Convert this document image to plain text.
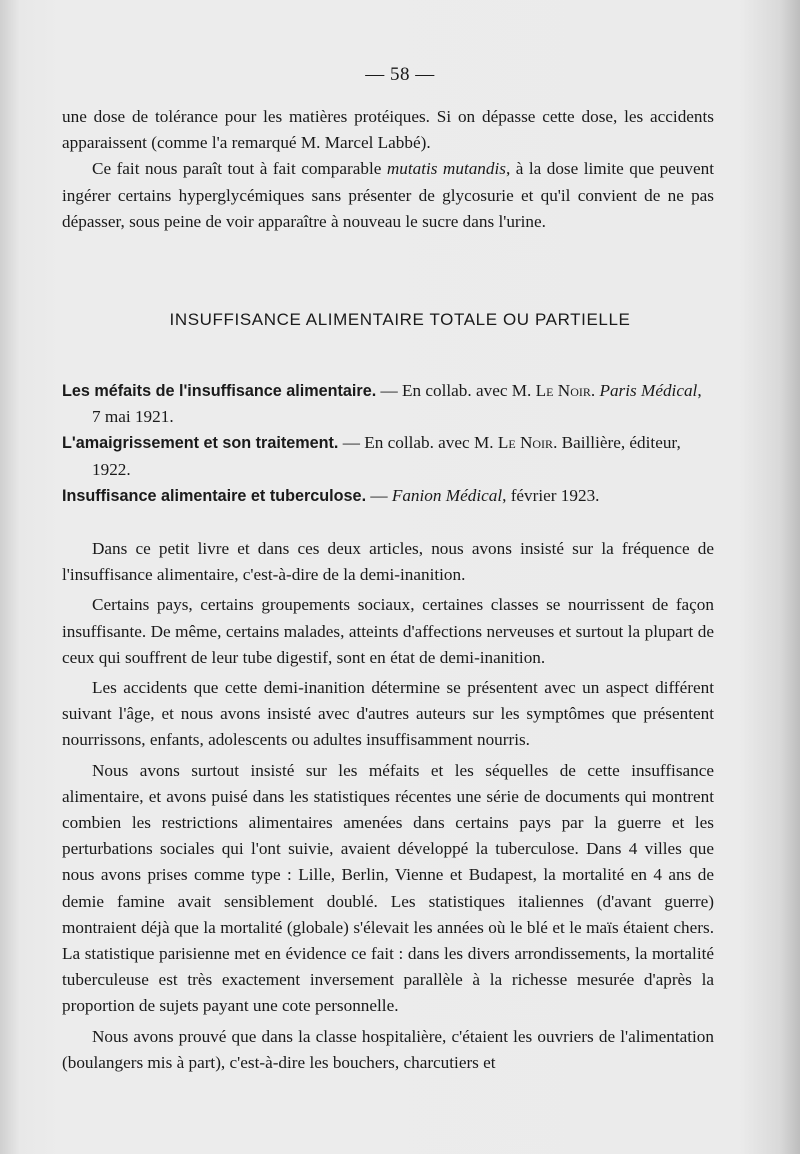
— 58 —

une dose de tolérance pour les matières protéiques. Si on dépasse cette dose, les accidents apparaissent (comme l'a remarqué M. Marcel Labbé).

Ce fait nous paraît tout à fait comparable mutatis mutandis, à la dose limite que peuvent ingérer certains hyperglycémiques sans présenter de glycosurie et qu'il convient de ne pas dépasser, sous peine de voir apparaître à nouveau le sucre dans l'urine.

INSUFFISANCE ALIMENTAIRE TOTALE OU PARTIELLE

Les méfaits de l'insuffisance alimentaire. — En collab. avec M. Le Noir. Paris Médical, 7 mai 1921.

L'amaigrissement et son traitement. — En collab. avec M. Le Noir. Baillière, éditeur, 1922.

Insuffisance alimentaire et tuberculose. — Fanion Médical, février 1923.

Dans ce petit livre et dans ces deux articles, nous avons insisté sur la fréquence de l'insuffisance alimentaire, c'est-à-dire de la demi-inanition.

Certains pays, certains groupements sociaux, certaines classes se nourrissent de façon insuffisante. De même, certains malades, atteints d'affections nerveuses et surtout la plupart de ceux qui souffrent de leur tube digestif, sont en état de demi-inanition.

Les accidents que cette demi-inanition détermine se présentent avec un aspect différent suivant l'âge, et nous avons insisté avec d'autres auteurs sur les symptômes que présentent nourrissons, enfants, adolescents ou adultes insuffisamment nourris.

Nous avons surtout insisté sur les méfaits et les séquelles de cette insuffisance alimentaire, et avons puisé dans les statistiques récentes une série de documents qui montrent combien les restrictions alimentaires amenées dans certains pays par la guerre et les perturbations sociales qui l'ont suivie, avaient développé la tuberculose. Dans 4 villes que nous avons prises comme type : Lille, Berlin, Vienne et Budapest, la mortalité en 4 ans de demie famine avait sensiblement doublé. Les statistiques italiennes (d'avant guerre) montraient déjà que la mortalité (globale) s'élevait les années où le blé et le maïs étaient chers. La statistique parisienne met en évidence ce fait : dans les divers arrondissements, la mortalité tuberculeuse est très exactement inversement parallèle à la richesse mesurée d'après la proportion de sujets payant une cote personnelle.

Nous avons prouvé que dans la classe hospitalière, c'étaient les ouvriers de l'alimentation (boulangers mis à part), c'est-à-dire les bouchers, charcutiers et
